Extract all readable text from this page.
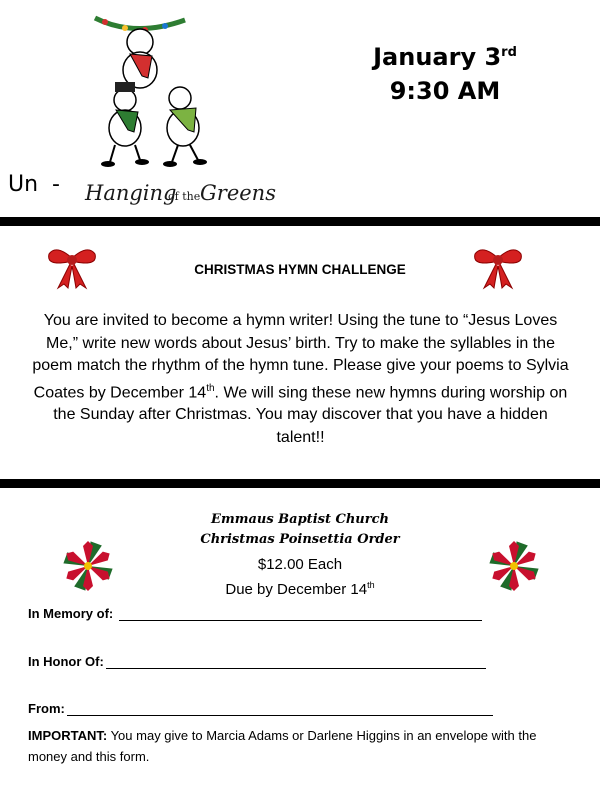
Hanging
of the Greens
Un  -
January 3rd
9:30 AM
CHRISTMAS HYMN CHALLENGE
You are invited to become a hymn writer! Using the tune to “Jesus Loves Me,” write new words about Jesus’ birth. Try to make the syllables in the poem match the rhythm of the hymn tune. Please give your poems to Sylvia Coates by December 14th. We will sing these new hymns during worship on the Sunday after Christmas. You may discover that you have a hidden talent!!
Emmaus Baptist Church
Christmas Poinsettia Order
$12.00 Each
Due by December 14th
In Memory of:
In Honor Of:
From:
IMPORTANT: You may give to Marcia Adams or Darlene Higgins in an envelope with the money and this form.
